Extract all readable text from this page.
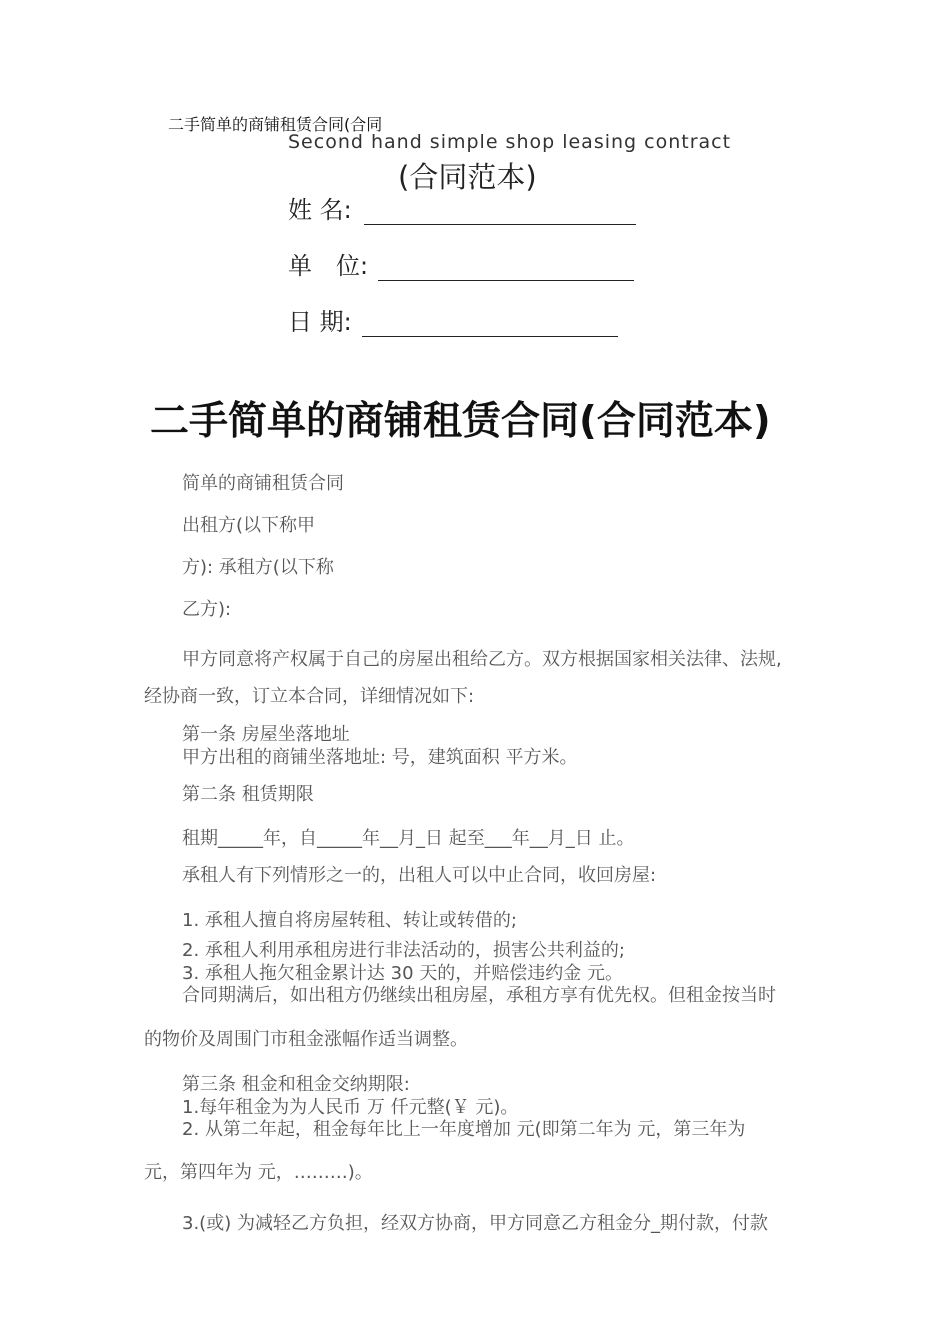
二手简单的商铺租赁合同(合同
Second hand simple shop leasing contract
(合同范本)
姓 名:
单　位:
日 期:
二手简单的商铺租赁合同(合同范本)
简单的商铺租赁合同
出租方(以下称甲
方): 承租方(以下称
乙方):
甲方同意将产权属于自己的房屋出租给乙方。双方根据国家相关法律、法规,
经协商一致，订立本合同，详细情况如下:
第一条 房屋坐落地址
甲方出租的商铺坐落地址: 号，建筑面积 平方米。
第二条 租赁期限
租期_____年，自_____年__月_日 起至___年__月_日 止。
承租人有下列情形之一的，出租人可以中止合同，收回房屋:
1. 承租人擅自将房屋转租、转让或转借的;
2. 承租人利用承租房进行非法活动的，损害公共利益的;
3. 承租人拖欠租金累计达 30 天的，并赔偿违约金 元。
合同期满后，如出租方仍继续出租房屋，承租方享有优先权。但租金按当时
的物价及周围门市租金涨幅作适当调整。
第三条 租金和租金交纳期限:
1.每年租金为为人民币 万 仟元整(￥ 元)。
2. 从第二年起，租金每年比上一年度增加 元(即第二年为 元，第三年为
元，第四年为 元，………)。
3.(或) 为减轻乙方负担，经双方协商，甲方同意乙方租金分_期付款，付款
